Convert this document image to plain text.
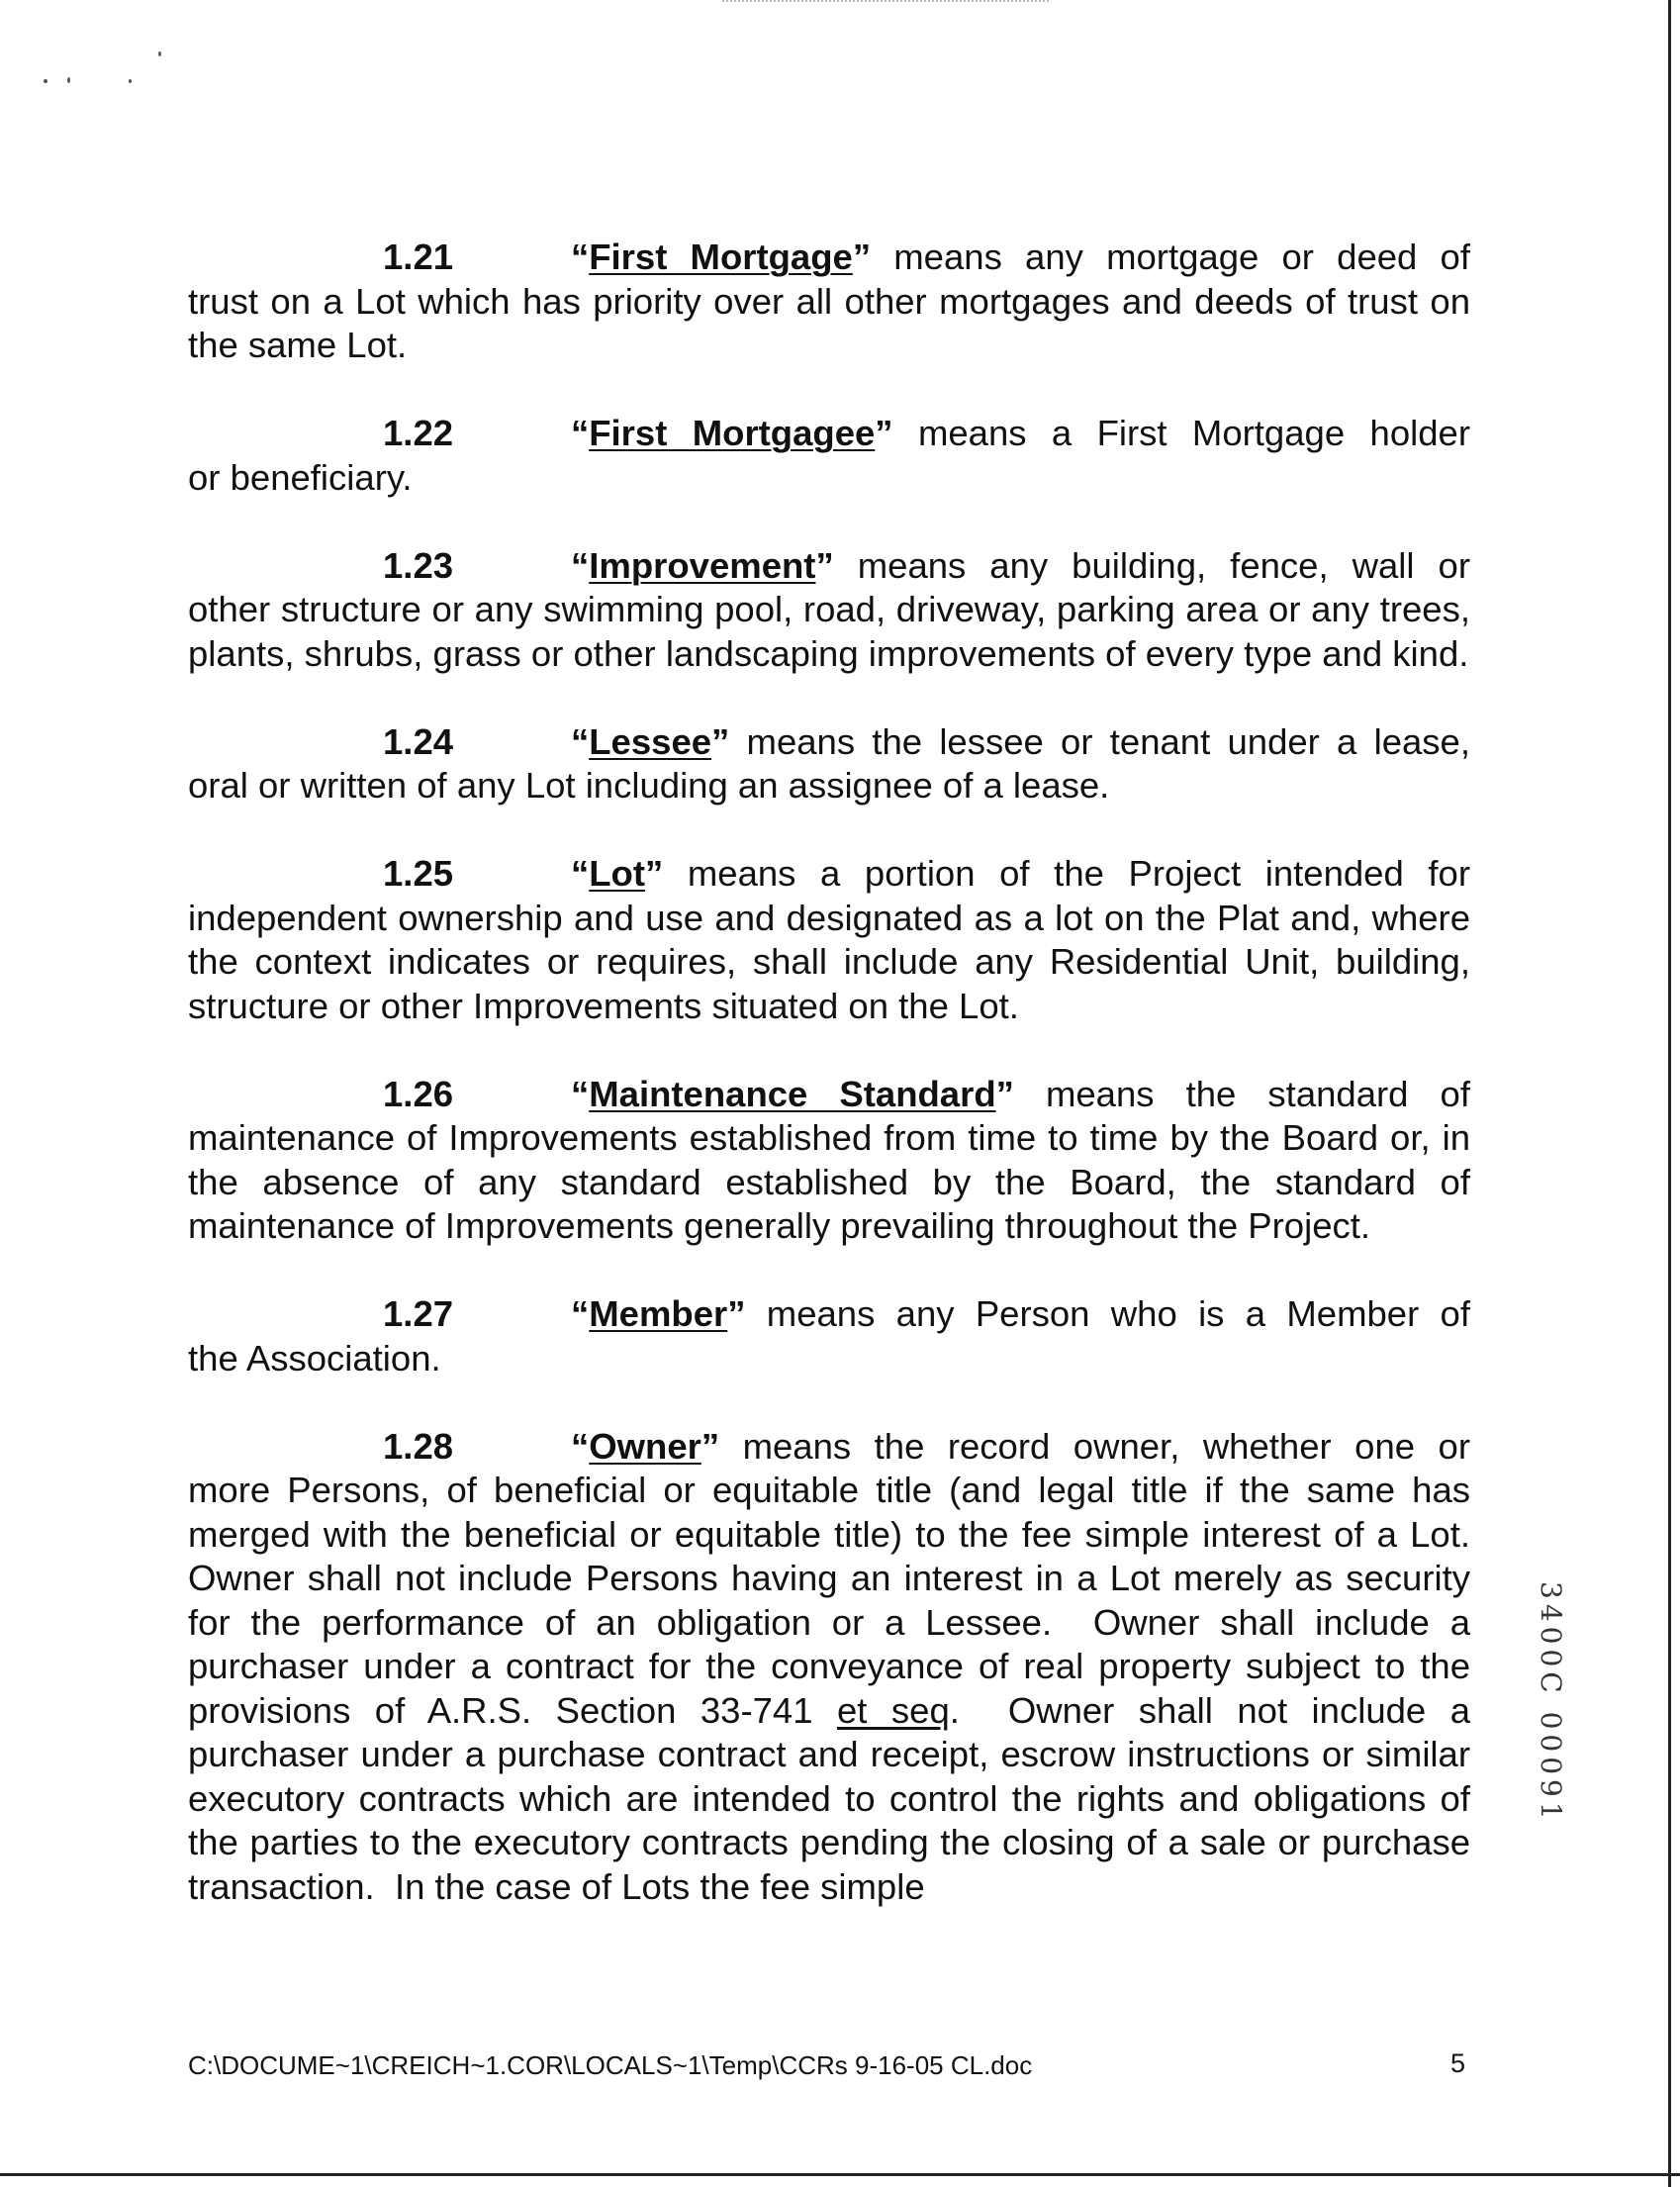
1.21	“First Mortgage” means any mortgage or deed of
trust on a Lot which has priority over all other mortgages and deeds of trust on the same Lot.
1.22	“First Mortgagee” means a First Mortgage holder
or beneficiary.
1.23	“Improvement” means any building, fence, wall or
other structure or any swimming pool, road, driveway, parking area or any trees, plants, shrubs, grass or other landscaping improvements of every type and kind.
1.24	“Lessee” means the lessee or tenant under a lease,
oral or written of any Lot including an assignee of a lease.
1.25	“Lot” means a portion of the Project intended for
independent ownership and use and designated as a lot on the Plat and, where the context indicates or requires, shall include any Residential Unit, building, structure or other Improvements situated on the Lot.
1.26	“Maintenance Standard” means the standard of
maintenance of Improvements established from time to time by the Board or, in the absence of any standard established by the Board, the standard of maintenance of Improvements generally prevailing throughout the Project.
1.27	“Member” means any Person who is a Member of
the Association.
1.28	“Owner” means the record owner, whether one or
more Persons, of beneficial or equitable title (and legal title if the same has merged with the beneficial or equitable title) to the fee simple interest of a Lot.  Owner shall not include Persons having an interest in a Lot merely as security for the performance of an obligation or a Lessee.  Owner shall include a purchaser under a contract for the conveyance of real property subject to the provisions of A.R.S. Section 33-741 et seq.  Owner shall not include a purchaser under a purchase contract and receipt, escrow instructions or similar executory contracts which are intended to control the rights and obligations of the parties to the executory contracts pending the closing of a sale or purchase transaction.  In the case of Lots the fee simple
3400C 00091
C:\DOCUME~1\CREICH~1.COR\LOCALS~1\Temp\CCRs 9-16-05 CL.doc	5
